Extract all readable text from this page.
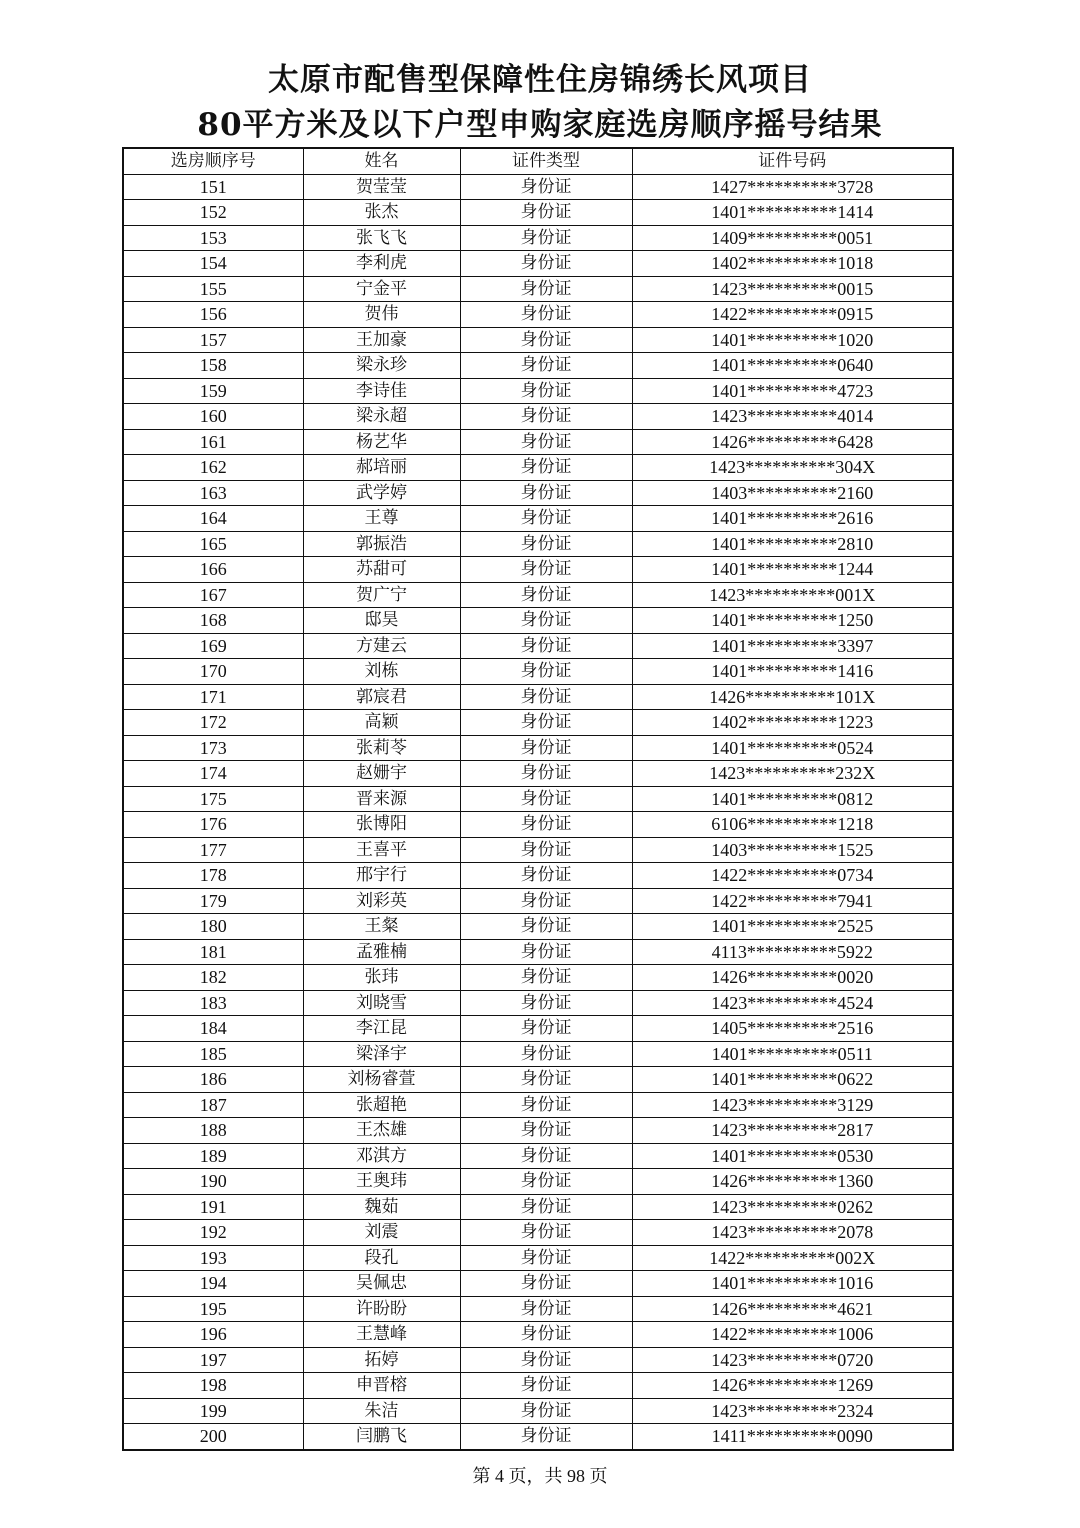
太原市配售型保障性住房锦绣长风项目
80平方米及以下户型申购家庭选房顺序摇号结果
选房顺序号	姓名	证件类型	证件号码
151	贺莹莹	身份证	1427**********3728
152	张杰	身份证	1401**********1414
153	张飞飞	身份证	1409**********0051
154	李利虎	身份证	1402**********1018
155	宁金平	身份证	1423**********0015
156	贺伟	身份证	1422**********0915
157	王加豪	身份证	1401**********1020
158	梁永珍	身份证	1401**********0640
159	李诗佳	身份证	1401**********4723
160	梁永超	身份证	1423**********4014
161	杨艺华	身份证	1426**********6428
162	郝培丽	身份证	1423**********304X
163	武学婷	身份证	1403**********2160
164	王尊	身份证	1401**********2616
165	郭振浩	身份证	1401**********2810
166	苏甜可	身份证	1401**********1244
167	贺广宁	身份证	1423**********001X
168	邸昊	身份证	1401**********1250
169	方建云	身份证	1401**********3397
170	刘栋	身份证	1401**********1416
171	郭宸君	身份证	1426**********101X
172	高颖	身份证	1402**********1223
173	张莉苓	身份证	1401**********0524
174	赵姗宇	身份证	1423**********232X
175	晋来源	身份证	1401**********0812
176	张博阳	身份证	6106**********1218
177	王喜平	身份证	1403**********1525
178	邢宇行	身份证	1422**********0734
179	刘彩英	身份证	1422**********7941
180	王粲	身份证	1401**********2525
181	孟雅楠	身份证	4113**********5922
182	张玮	身份证	1426**********0020
183	刘晓雪	身份证	1423**********4524
184	李江昆	身份证	1405**********2516
185	梁泽宇	身份证	1401**********0511
186	刘杨睿萱	身份证	1401**********0622
187	张超艳	身份证	1423**********3129
188	王杰雄	身份证	1423**********2817
189	邓淇方	身份证	1401**********0530
190	王奥玮	身份证	1426**********1360
191	魏茹	身份证	1423**********0262
192	刘震	身份证	1423**********2078
193	段孔	身份证	1422**********002X
194	吴佩忠	身份证	1401**********1016
195	许盼盼	身份证	1426**********4621
196	王慧峰	身份证	1422**********1006
197	拓婷	身份证	1423**********0720
198	申晋榕	身份证	1426**********1269
199	朱洁	身份证	1423**********2324
200	闫鹏飞	身份证	1411**********0090
第 4 页，共 98 页
